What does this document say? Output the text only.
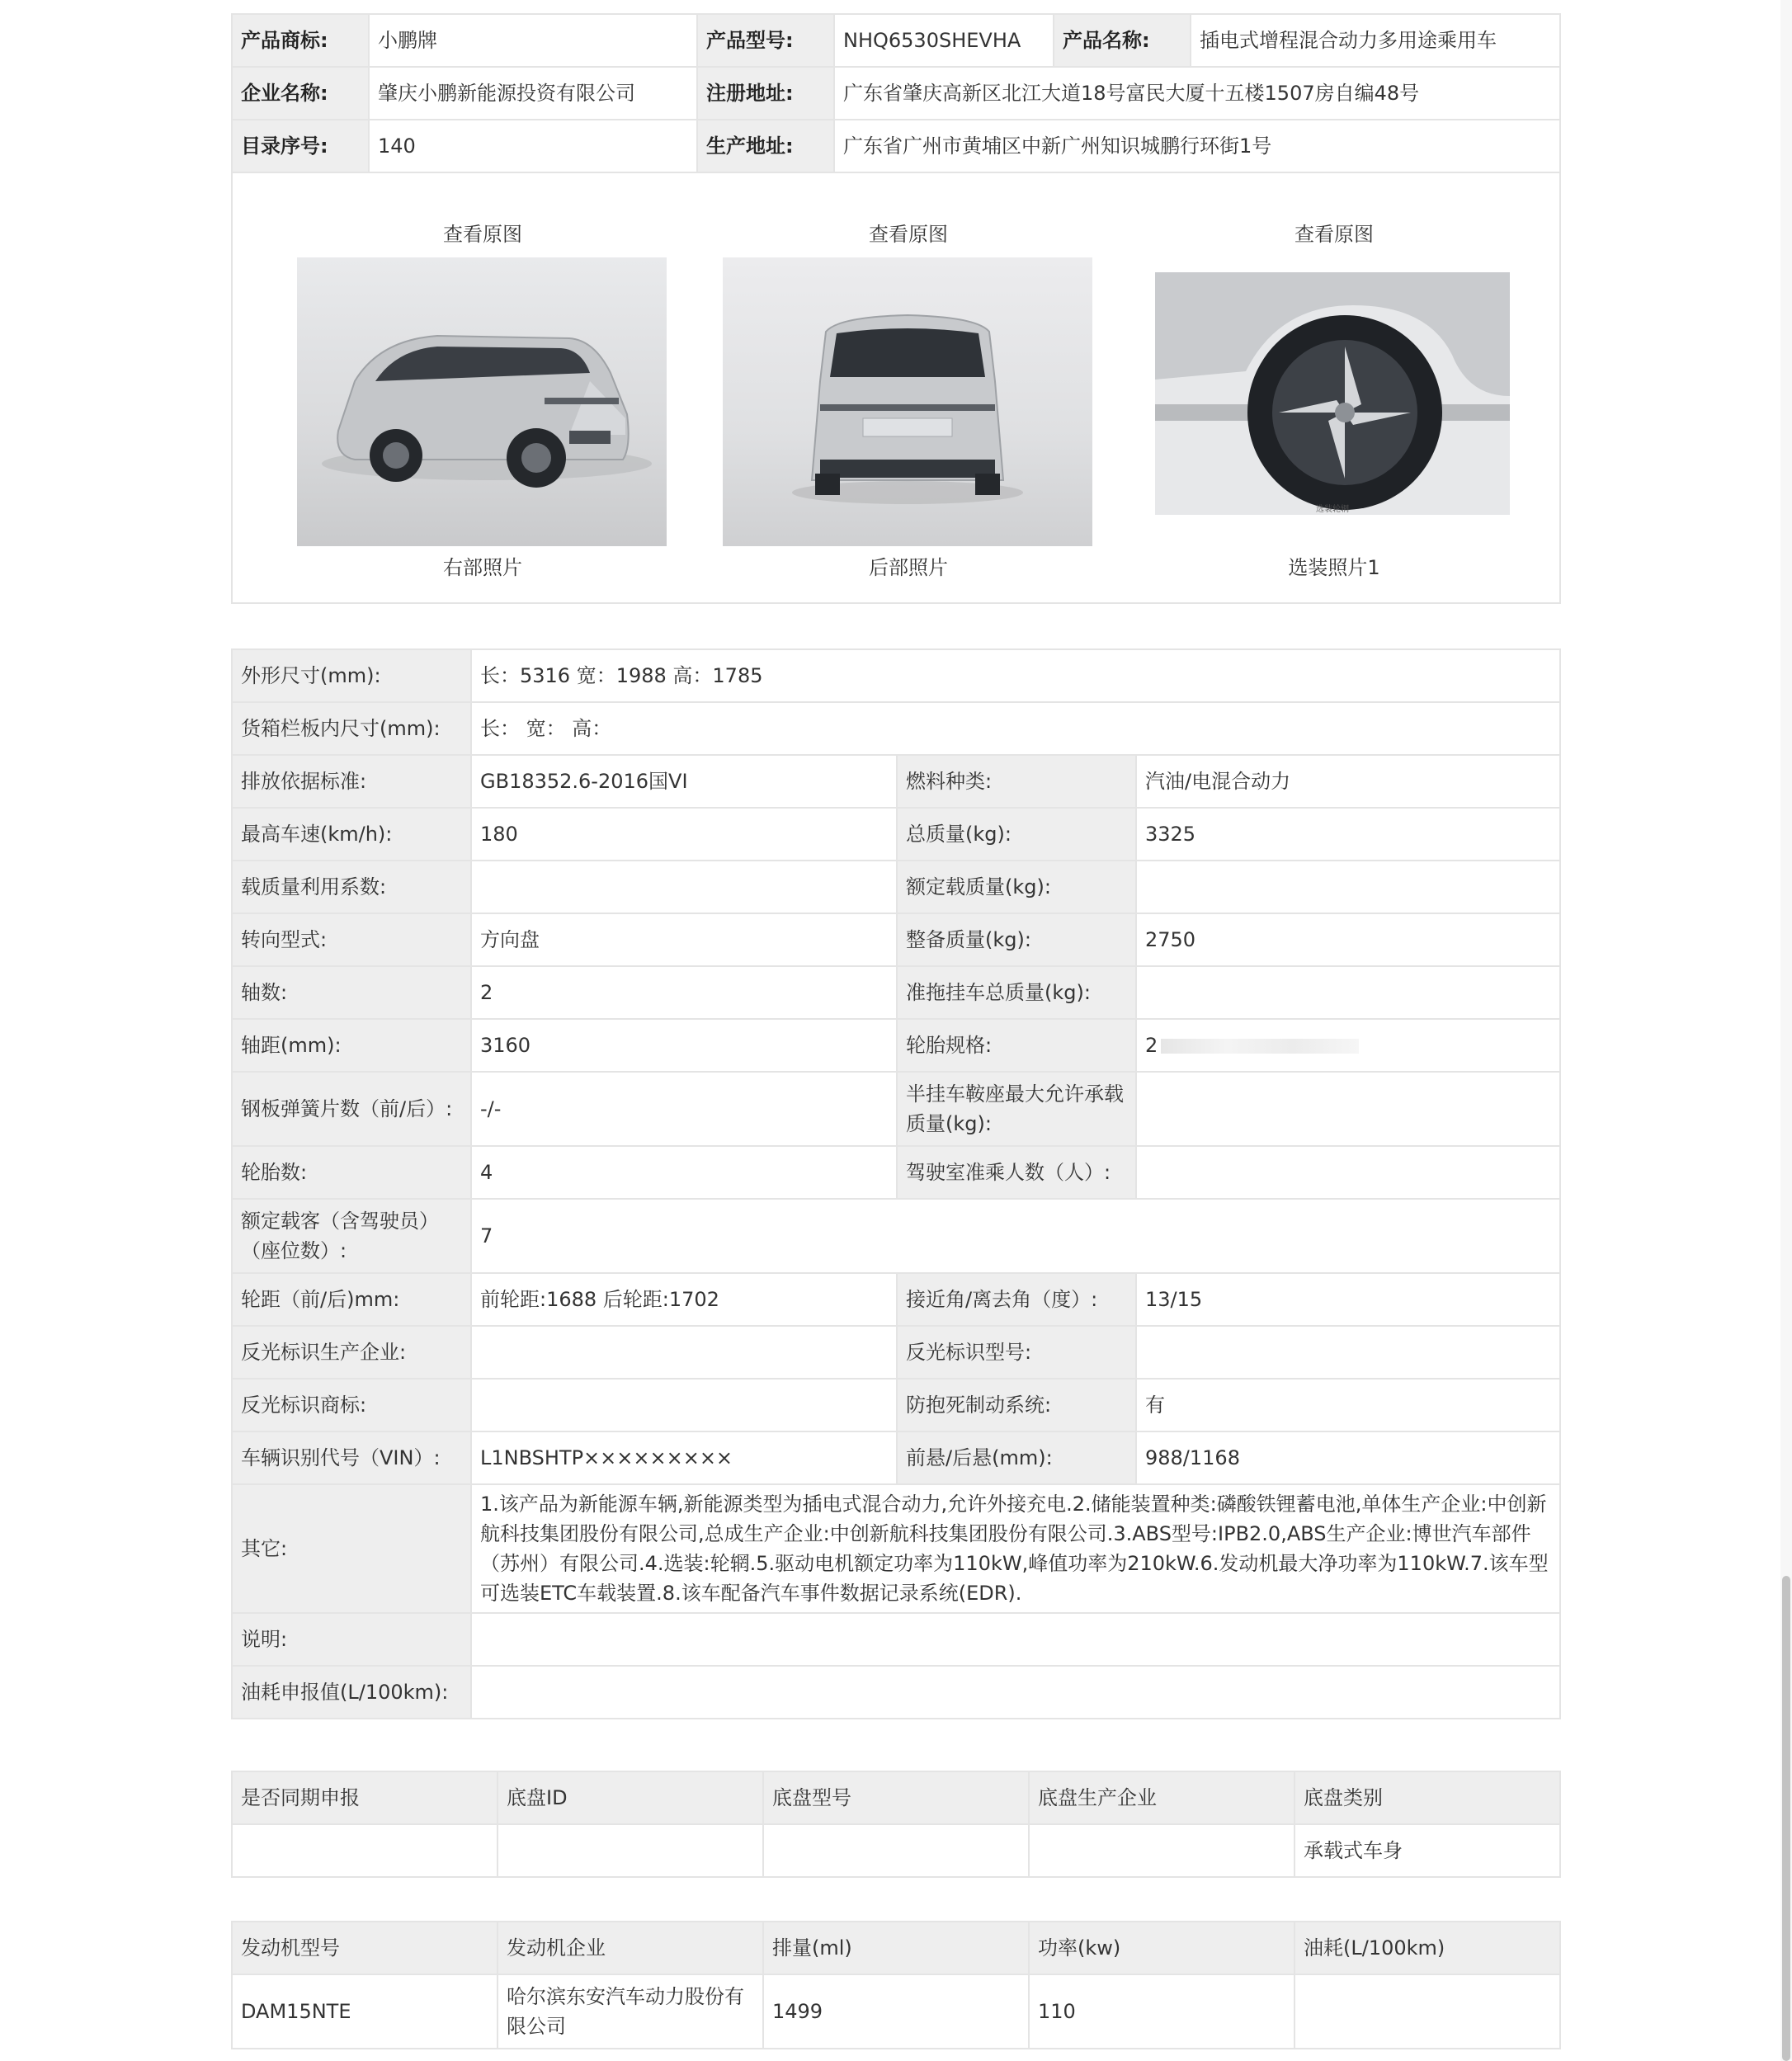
产品商标:	小鹏牌	产品型号:	NHQ6530SHEVHA	产品名称:	插电式增程混合动力多用途乘用车
企业名称:	肇庆小鹏新能源投资有限公司	注册地址:	广东省肇庆高新区北江大道18号富民大厦十五楼1507房自编48号		
目录序号:	140	生产地址:	广东省广州市黄埔区中新广州知识城鹏行环街1号		
查看原图
右部照片
查看原图
后部照片
查看原图
选装轮辋
选装照片1
外形尺寸(mm):	长：5316 宽：1988 高：1785		
货箱栏板内尺寸(mm):	长： 宽： 高：		
排放依据标准:	GB18352.6-2016国VI	燃料种类:	汽油/电混合动力
最高车速(km/h):	180	总质量(kg):	3325
载质量利用系数:		额定载质量(kg):	
转向型式:	方向盘	整备质量(kg):	2750
轴数:	2	准拖挂车总质量(kg):	
轴距(mm):	3160	轮胎规格:	2
钢板弹簧片数（前/后）:	-/-	半挂车鞍座最大允许承载质量(kg):	
轮胎数:	4	驾驶室准乘人数（人）:	
额定载客（含驾驶员）（座位数）:	7		
轮距（前/后)mm:	前轮距:1688 后轮距:1702	接近角/离去角（度）:	13/15
反光标识生产企业:		反光标识型号:	
反光标识商标:		防抱死制动系统:	有
车辆识别代号（VIN）:	L1NBSHTP×××××××××	前悬/后悬(mm):	988/1168
其它:	1.该产品为新能源车辆,新能源类型为插电式混合动力,允许外接充电.2.储能装置种类:磷酸铁锂蓄电池,单体生产企业:中创新航科技集团股份有限公司,总成生产企业:中创新航科技集团股份有限公司.3.ABS型号:IPB2.0,ABS生产企业:博世汽车部件（苏州）有限公司.4.选装:轮辋.5.驱动电机额定功率为110kW,峰值功率为210kW.6.发动机最大净功率为110kW.7.该车型可选装ETC车载装置.8.该车配备汽车事件数据记录系统(EDR).		
说明:			
油耗申报值(L/100km):			
是否同期申报	底盘ID	底盘型号	底盘生产企业	底盘类别
				承载式车身
发动机型号	发动机企业	排量(ml)	功率(kw)	油耗(L/100km)
DAM15NTE	哈尔滨东安汽车动力股份有限公司	1499	110	
